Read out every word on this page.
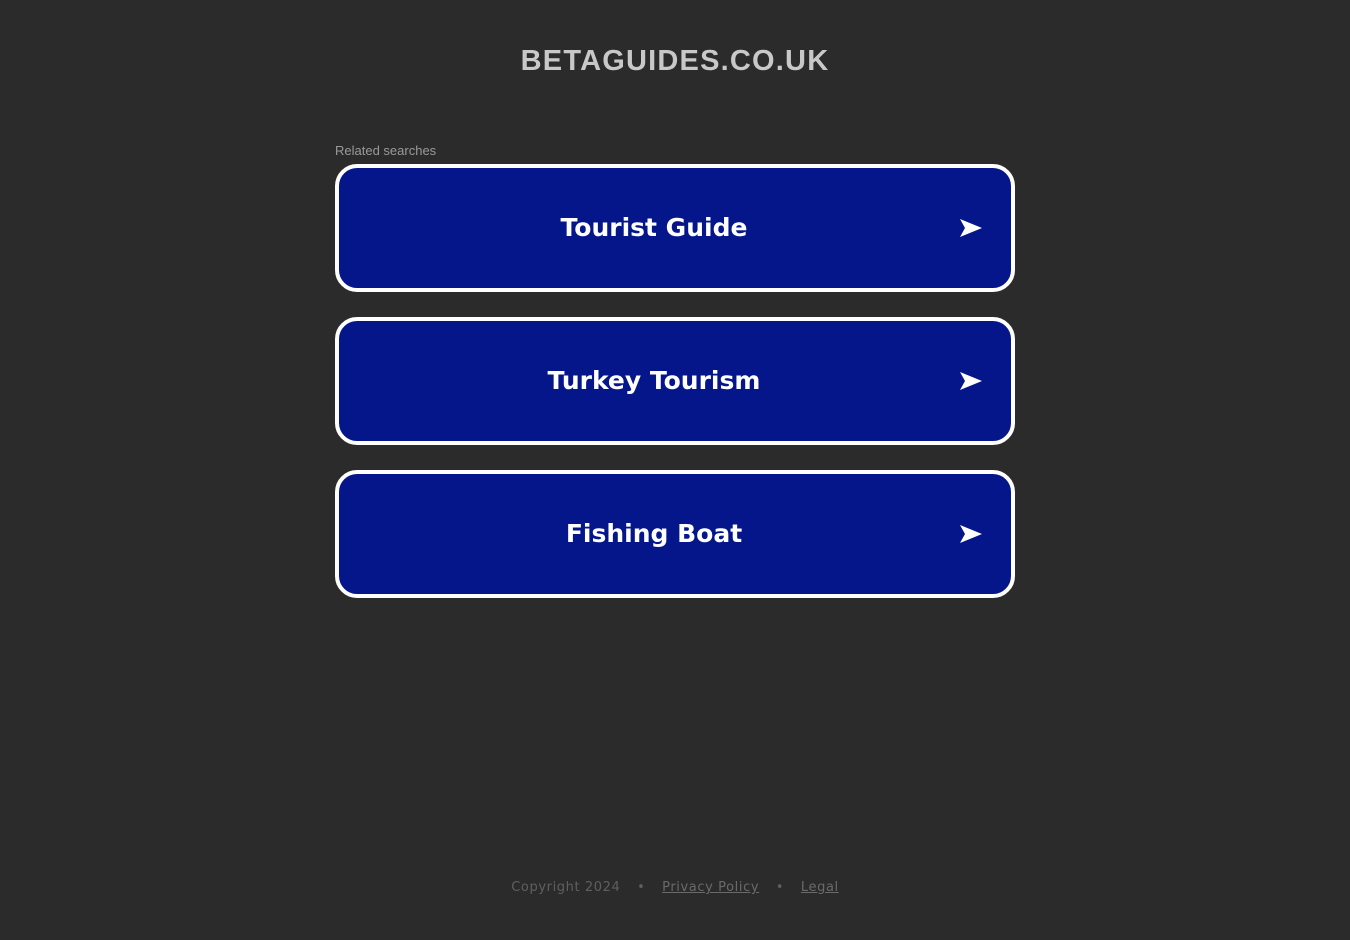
BETAGUIDES.CO.UK
Related searches
Tourist Guide
Turkey Tourism
Fishing Boat
Copyright 2024 • Privacy Policy • Legal
